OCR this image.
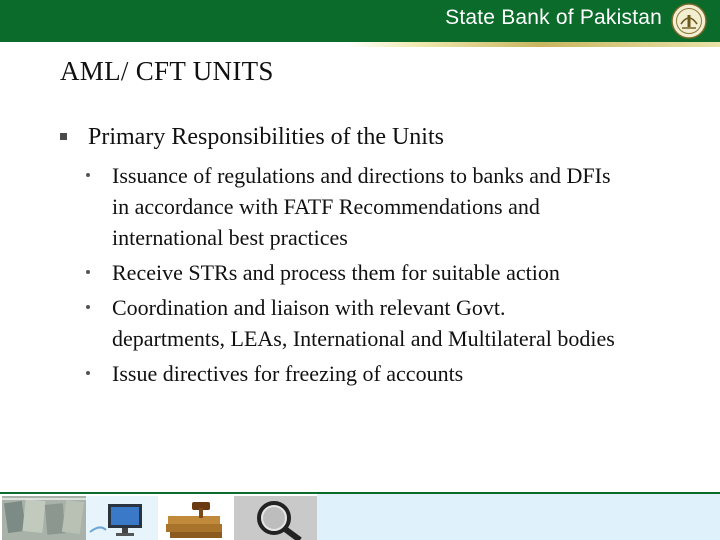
State Bank of Pakistan
AML/ CFT UNITS
Primary Responsibilities of the Units
Issuance of regulations and directions to banks and DFIs in accordance with FATF Recommendations and international best practices
Receive STRs and process them for suitable action
Coordination and liaison with relevant Govt. departments, LEAs, International and Multilateral bodies
Issue directives for freezing of accounts
